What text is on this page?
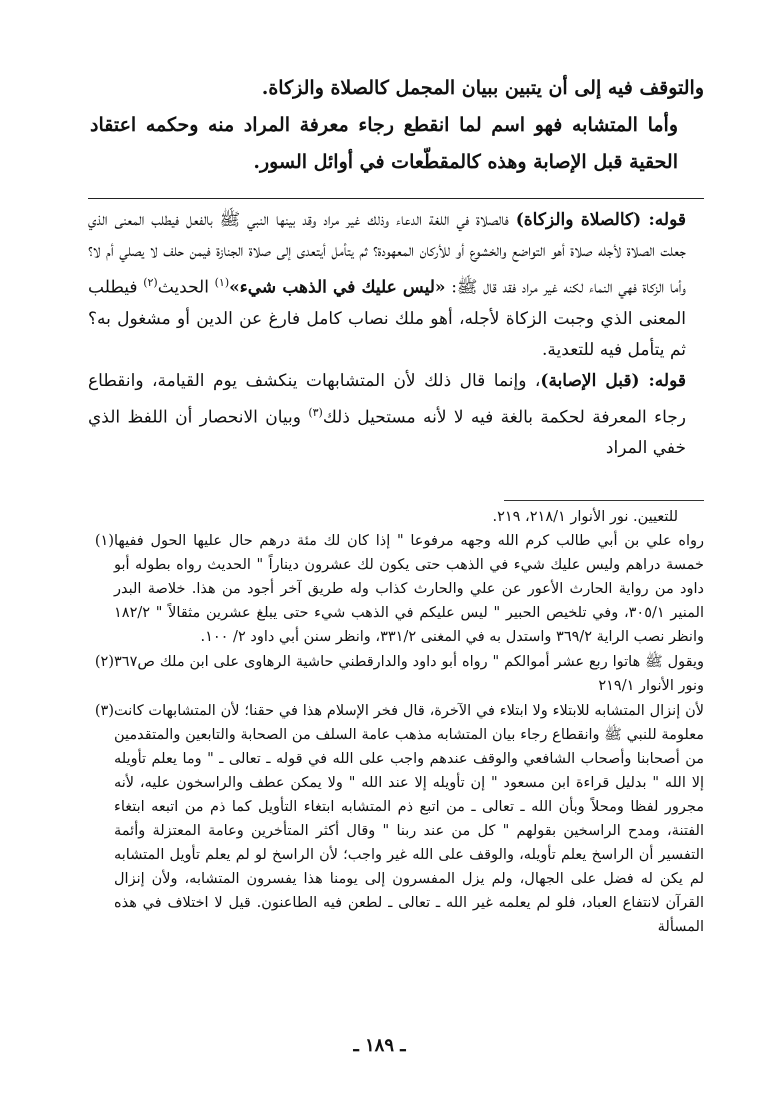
والتوقف فيه إلى أن يتبين ببيان المجمل كالصلاة والزكاة.

وأما المتشابه فهو اسم لما انقطع رجاء معرفة المراد منه وحكمه اعتقاد الحقية قبل الإصابة وهذه كالمقطّعات في أوائل السور.

قوله: (كالصلاة والزكاة) فالصلاة في اللغة الدعاء وذلك غير مراد وقد بينها النبي ﷺ بالفعل فيطلب المعنى الذي جعلت الصلاة لأجله صلاة أهو التواضع والخشوع أو للأركان المعهودة؟ ثم يتأمل أيتعدى إلى صلاة الجنازة فيمن حلف لا يصلي أم لا؟ وأما الزكاة فهي النماء لكنه غير مراد فقد قال ﷺ: «ليس عليك في الذهب شيء»$^{(١)}$ الحديث$^{(٢)}$ فيطلب المعنى الذي وجبت الزكاة لأجله، أهو ملك نصاب كامل فارغ عن الدين أو مشغول به؟ ثم يتأمل فيه للتعدية.

قوله: (قبل الإصابة)، وإنما قال ذلك لأن المتشابهات ينكشف يوم القيامة، وانقطاع رجاء المعرفة لحكمة بالغة فيه لا لأنه مستحيل ذلك$^{(٣)}$ وبيان الانحصار أن اللفظ الذي خفي المراد

للتعيين. نور الأنوار ٢١٨/١، ٢١٩.

(١) رواه علي بن أبي طالب كرم الله وجهه مرفوعا " إذا كان لك مئة درهم حال عليها الحول ففيها خمسة دراهم وليس عليك شيء في الذهب حتى يكون لك عشرون ديناراً " الحديث رواه بطوله أبو داود من رواية الحارث الأعور عن علي والحارث كذاب وله طريق آخر أجود من هذا. خلاصة البدر المنير ٣٠٥/١، وفي تلخيص الحبير " ليس عليكم في الذهب شيء حتى يبلغ عشرين مثقالاً " ١٨٢/٢ وانظر نصب الراية ٣٦٩/٢ واستدل به في المغنى ٣٣١/٢، وانظر سنن أبي داود ٢/ ١٠٠.

(٢) ويقول ﷺ هاتوا ربع عشر أموالكم " رواه أبو داود والدارقطني حاشية الرهاوى على ابن ملك ص٣٦٧ ونور الأنوار ٢١٩/١

(٣) لأن إنزال المتشابه للابتلاء ولا ابتلاء في الآخرة، قال فخر الإسلام هذا في حقنا؛ لأن المتشابهات كانت معلومة للنبي ﷺ وانقطاع رجاء بيان المتشابه مذهب عامة السلف من الصحابة والتابعين والمتقدمين من أصحابنا وأصحاب الشافعي والوقف عندهم واجب على الله في قوله ـ تعالى ـ " وما يعلم تأويله إلا الله " بدليل قراءة ابن مسعود " إن تأويله إلا عند الله " ولا يمكن عطف والراسخون عليه، لأنه مجرور لفظا ومحلاً وبأن الله ـ تعالى ـ من اتبع ذم المتشابه ابتغاء التأويل كما ذم من اتبعه ابتغاء الفتنة، ومدح الراسخين بقولهم " كل من عند ربنا " وقال أكثر المتأخرين وعامة المعتزلة وأئمة التفسير أن الراسخ يعلم تأويله، والوقف على الله غير واجب؛ لأن الراسخ لو لم يعلم تأويل المتشابه لم يكن له فضل على الجهال، ولم يزل المفسرون إلى يومنا هذا يفسرون المتشابه، ولأن إنزال القرآن لانتفاع العباد، فلو لم يعلمه غير الله ـ تعالى ـ لطعن فيه الطاعنون. قيل لا اختلاف في هذه المسألة

ـ ١٨٩ ـ
